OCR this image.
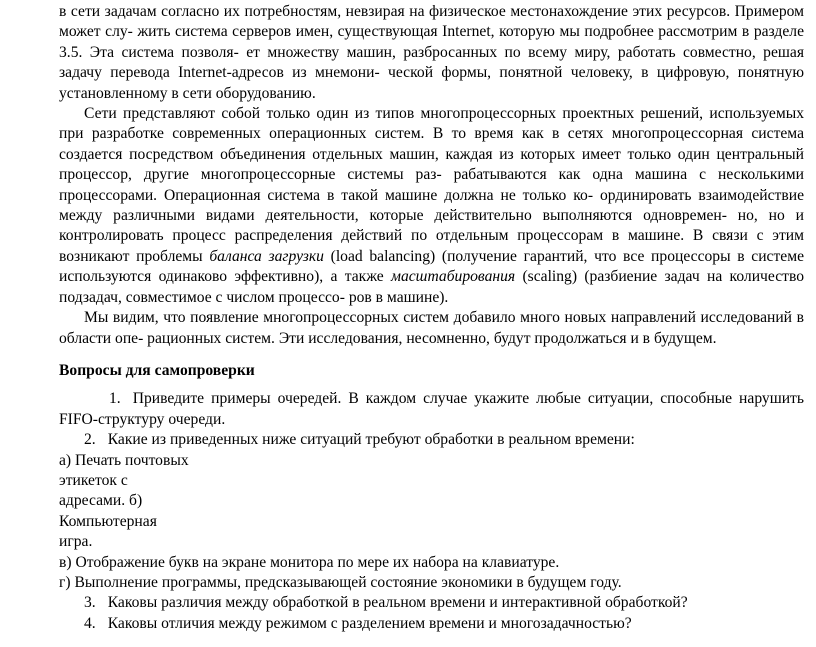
в сети задачам согласно их потребностям, невзирая на физическое местонахождение этих ресурсов. Примером может слу- жить система серверов имен, существующая Internet, которую мы подробнее рассмотрим в разделе 3.5. Эта система позволя- ет множеству машин, разбросанных по всему миру, работать совместно, решая задачу перевода Internet-адресов из мнемони- ческой формы, понятной человеку, в цифровую, понятную установленному в сети оборудованию.

Сети представляют собой только один из типов многопроцессорных проектных решений, используемых при разработке современных операционных систем. В то время как в сетях многопроцессорная система создается посредством объединения отдельных машин, каждая из которых имеет только один центральный процессор, другие многопроцессорные системы раз- рабатываются как одна машина с несколькими процессорами. Операционная система в такой машине должна не только ко- ординировать взаимодействие между различными видами деятельности, которые действительно выполняются одновремен- но, но и контролировать процесс распределения действий по отдельным процессорам в машине. В связи с этим возникают проблемы баланса загрузки (load balancing) (получение гарантий, что все процессоры в системе используются одинаково эффективно), а также масштабирования (scaling) (разбиение задач на количество подзадач, совместимое с числом процессо- ров в машине).

Мы видим, что появление многопроцессорных систем добавило много новых направлений исследований в области опе- рационных систем. Эти исследования, несомненно, будут продолжаться и в будущем.

Вопросы для самопроверки

1. Приведите примеры очередей. В каждом случае укажите любые ситуации, способные нарушить FIFO-структуру очереди.

2. Какие из приведенных ниже ситуаций требуют обработки в реальном времени:

а) Печать почтовых

этикеток с

адресами. б)

Компьютерная

игра.

в) Отображение букв на экране монитора по мере их набора на клавиатуре.

г) Выполнение программы, предсказывающей состояние экономики в будущем году.

3. Каковы различия между обработкой в реальном времени и интерактивной обработкой?

4. Каковы отличия между режимом с разделением времени и многозадачностью?
